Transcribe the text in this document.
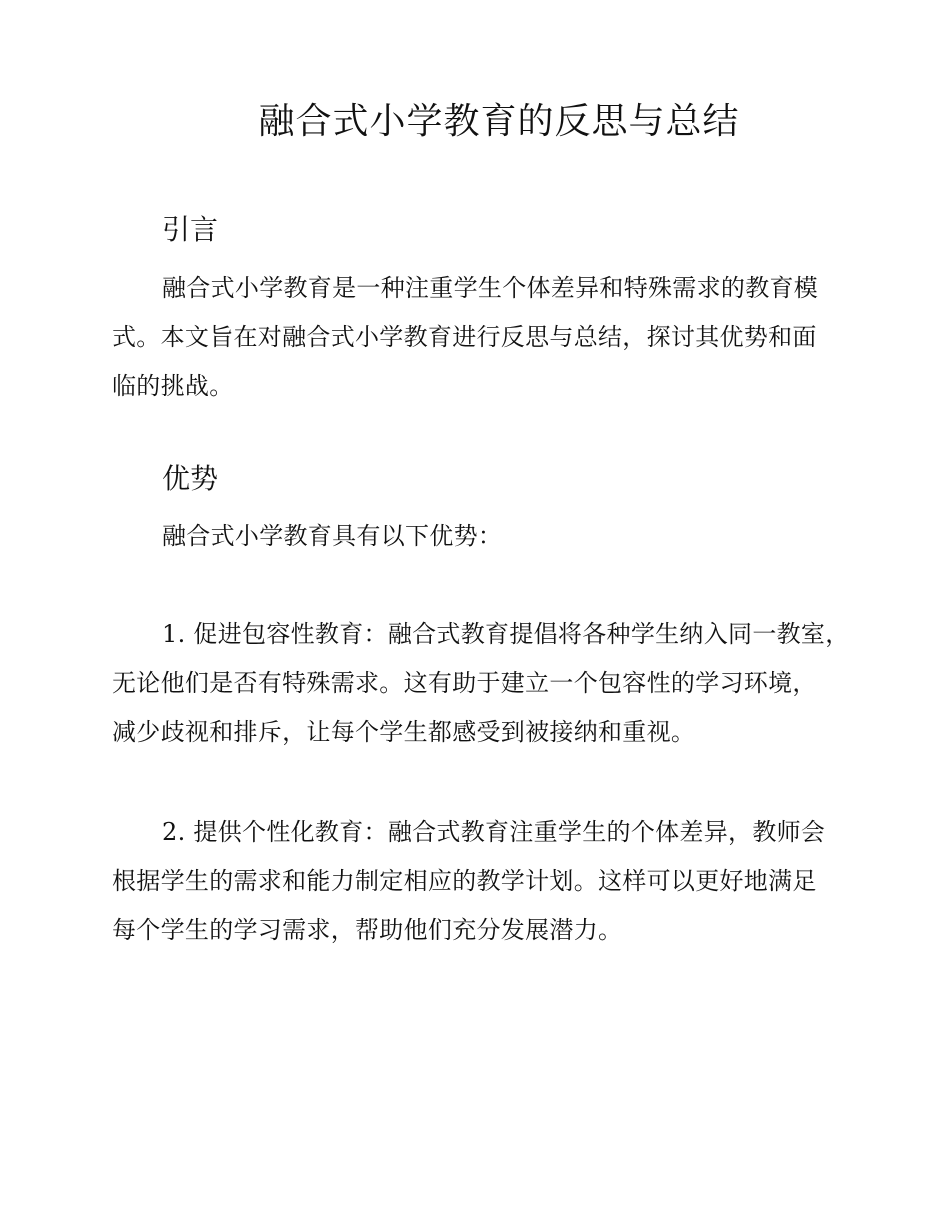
融合式小学教育的反思与总结
引言

融合式小学教育是一种注重学生个体差异和特殊需求的教育模
式。本文旨在对融合式小学教育进行反思与总结，探讨其优势和面
临的挑战。

优势

融合式小学教育具有以下优势：

1. 促进包容性教育：融合式教育提倡将各种学生纳入同一教室，
无论他们是否有特殊需求。这有助于建立一个包容性的学习环境，
减少歧视和排斥，让每个学生都感受到被接纳和重视。

2. 提供个性化教育：融合式教育注重学生的个体差异，教师会
根据学生的需求和能力制定相应的教学计划。这样可以更好地满足
每个学生的学习需求，帮助他们充分发展潜力。
